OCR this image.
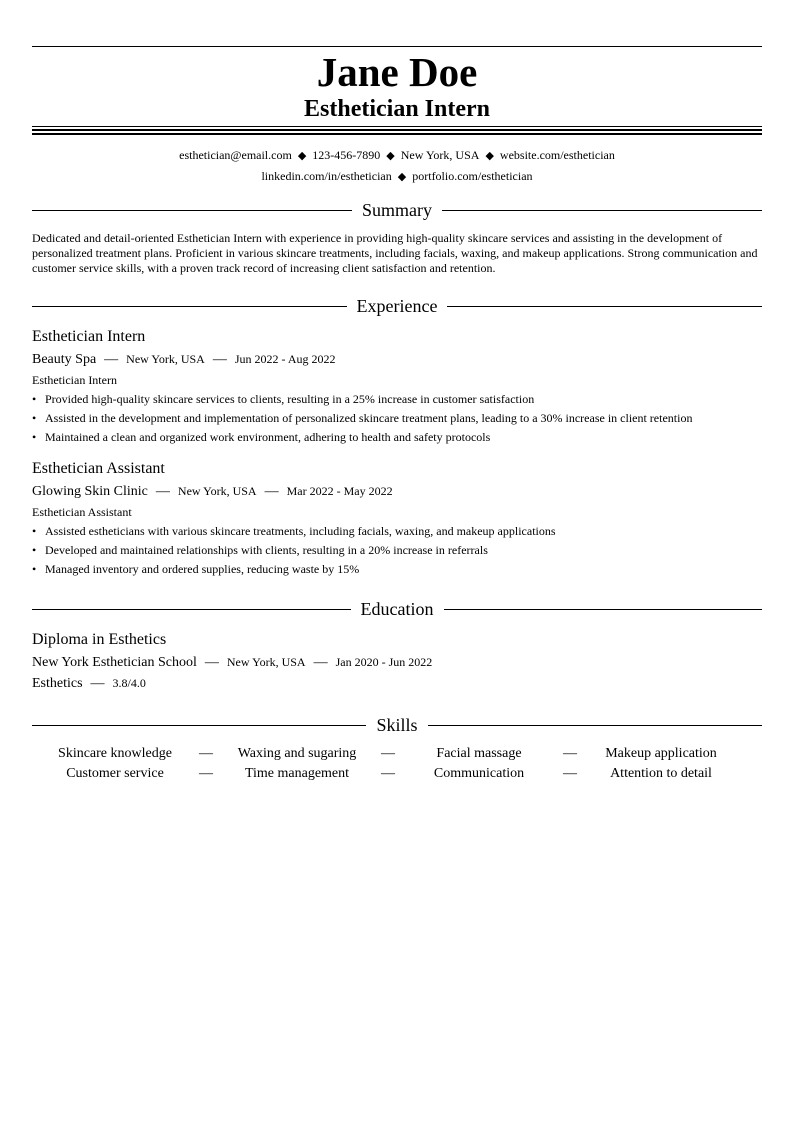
Jane Doe
Esthetician Intern
esthetician@email.com ◆ 123-456-7890 ◆ New York, USA ◆ website.com/esthetician
linkedin.com/in/esthetician ◆ portfolio.com/esthetician
Summary
Dedicated and detail-oriented Esthetician Intern with experience in providing high-quality skincare services and assisting in the development of personalized treatment plans. Proficient in various skincare treatments, including facials, waxing, and makeup applications. Strong communication and customer service skills, with a proven track record of increasing client satisfaction and retention.
Experience
Esthetician Intern
Beauty Spa — New York, USA — Jun 2022 - Aug 2022
Esthetician Intern
• Provided high-quality skincare services to clients, resulting in a 25% increase in customer satisfaction
• Assisted in the development and implementation of personalized skincare treatment plans, leading to a 30% increase in client retention
• Maintained a clean and organized work environment, adhering to health and safety protocols
Esthetician Assistant
Glowing Skin Clinic — New York, USA — Mar 2022 - May 2022
Esthetician Assistant
• Assisted estheticians with various skincare treatments, including facials, waxing, and makeup applications
• Developed and maintained relationships with clients, resulting in a 20% increase in referrals
• Managed inventory and ordered supplies, reducing waste by 15%
Education
Diploma in Esthetics
New York Esthetician School — New York, USA — Jan 2020 - Jun 2022
Esthetics — 3.8/4.0
Skills
Skincare knowledge	—	Waxing and sugaring	—	Facial massage	—	Makeup application
Customer service	—	Time management	—	Communication	—	Attention to detail
